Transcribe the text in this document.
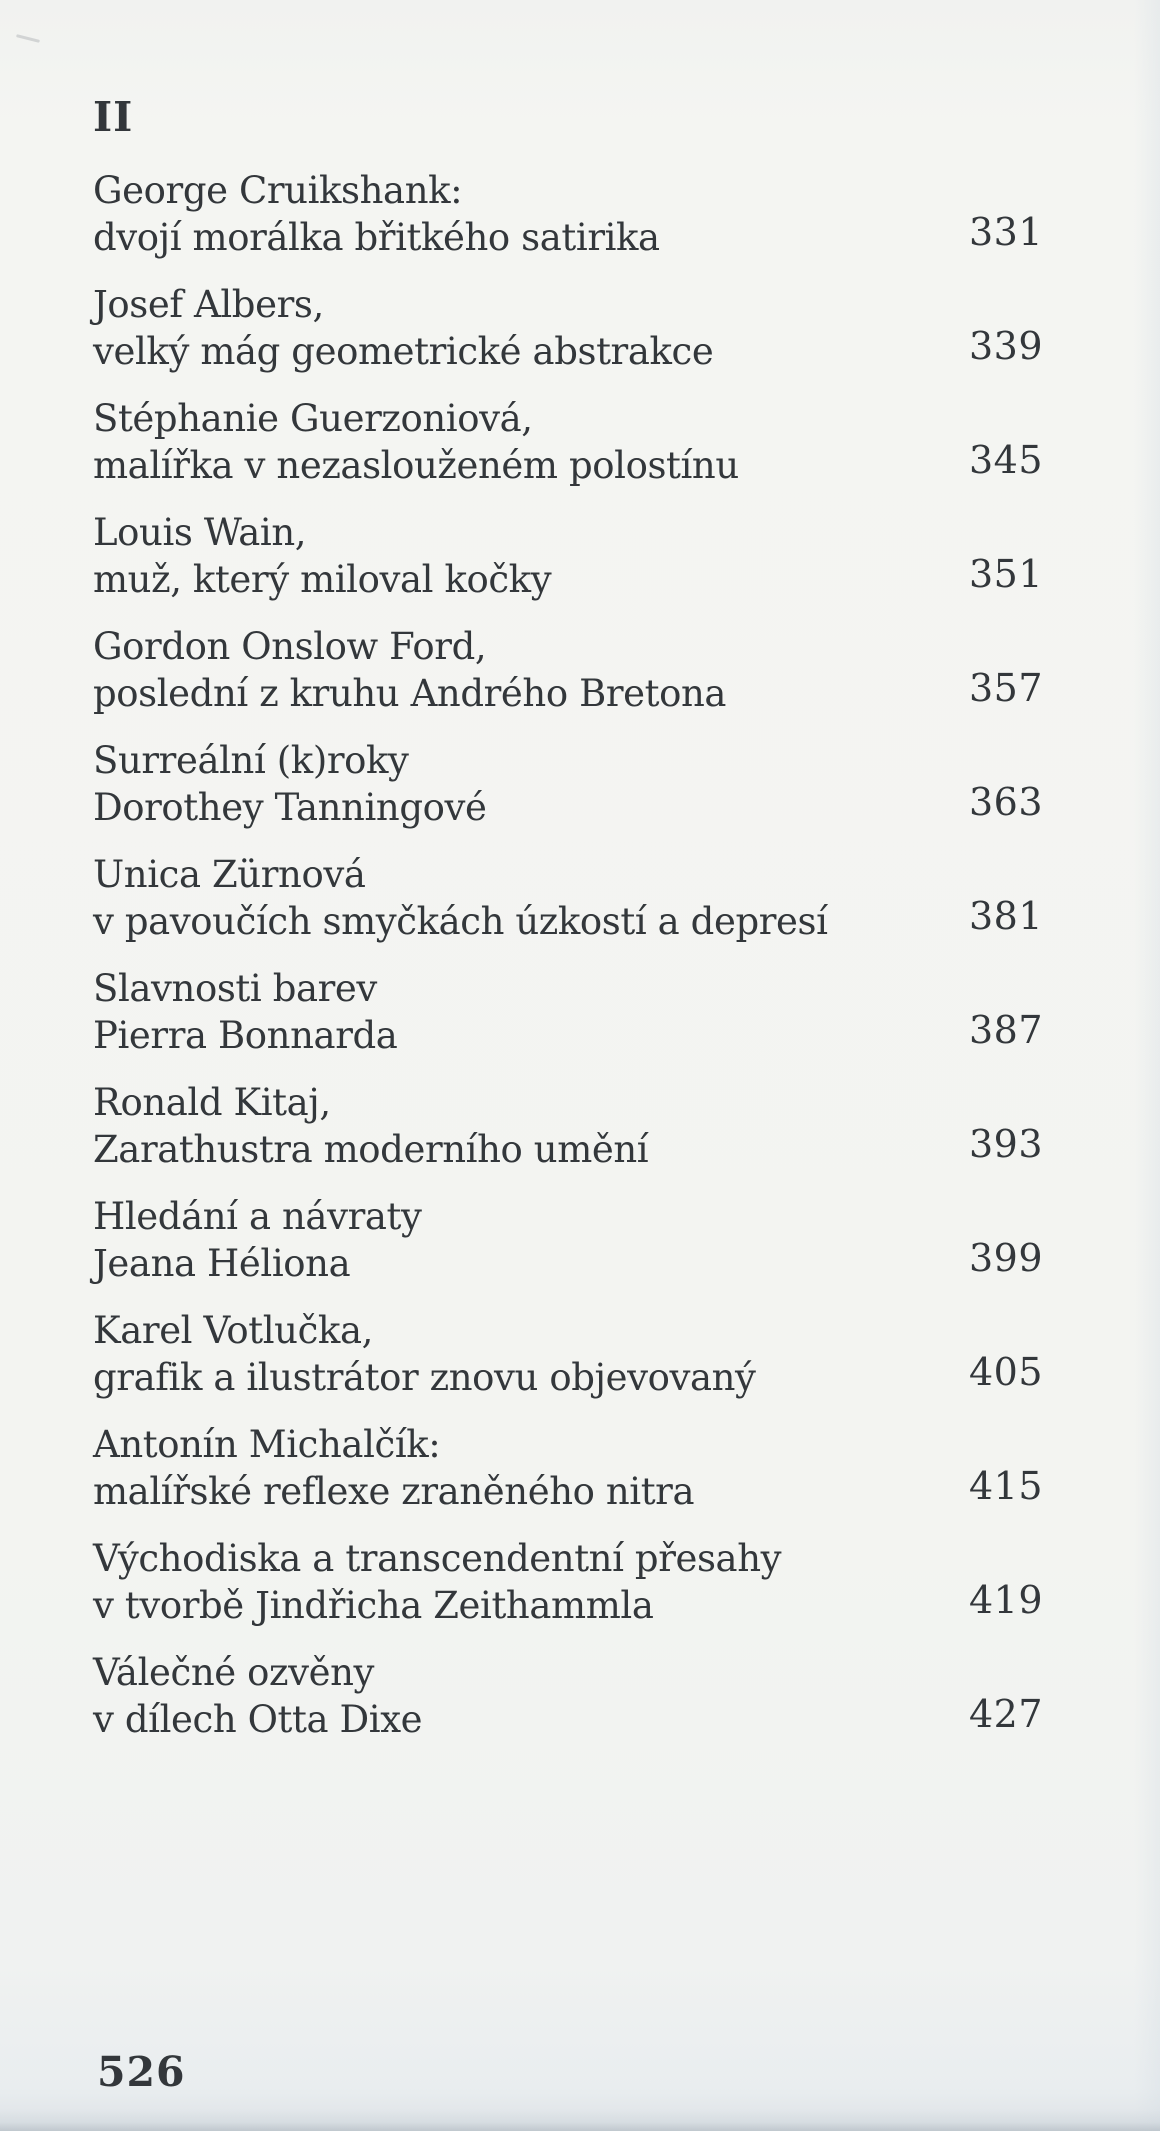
II
George Cruikshank:
dvojí morálka břitkého satirika	331
Josef Albers,
velký mág geometrické abstrakce	339
Stéphanie Guerzoniová,
malířka v nezaslouženém polostínu	345
Louis Wain,
muž, který miloval kočky	351
Gordon Onslow Ford,
poslední z kruhu Andrého Bretona	357
Surreální (k)roky
Dorothey Tanningové	363
Unica Zürnová
v pavoučích smyčkách úzkostí a depresí	381
Slavnosti barev
Pierra Bonnarda	387
Ronald Kitaj,
Zarathustra moderního umění	393
Hledání a návraty
Jeana Héliona	399
Karel Votlučka,
grafik a ilustrátor znovu objevovaný	405
Antonín Michalčík:
malířské reflexe zraněného nitra	415
Východiska a transcendentní přesahy
v tvorbě Jindřicha Zeithammla	419
Válečné ozvěny
v dílech Otta Dixe	427
526
